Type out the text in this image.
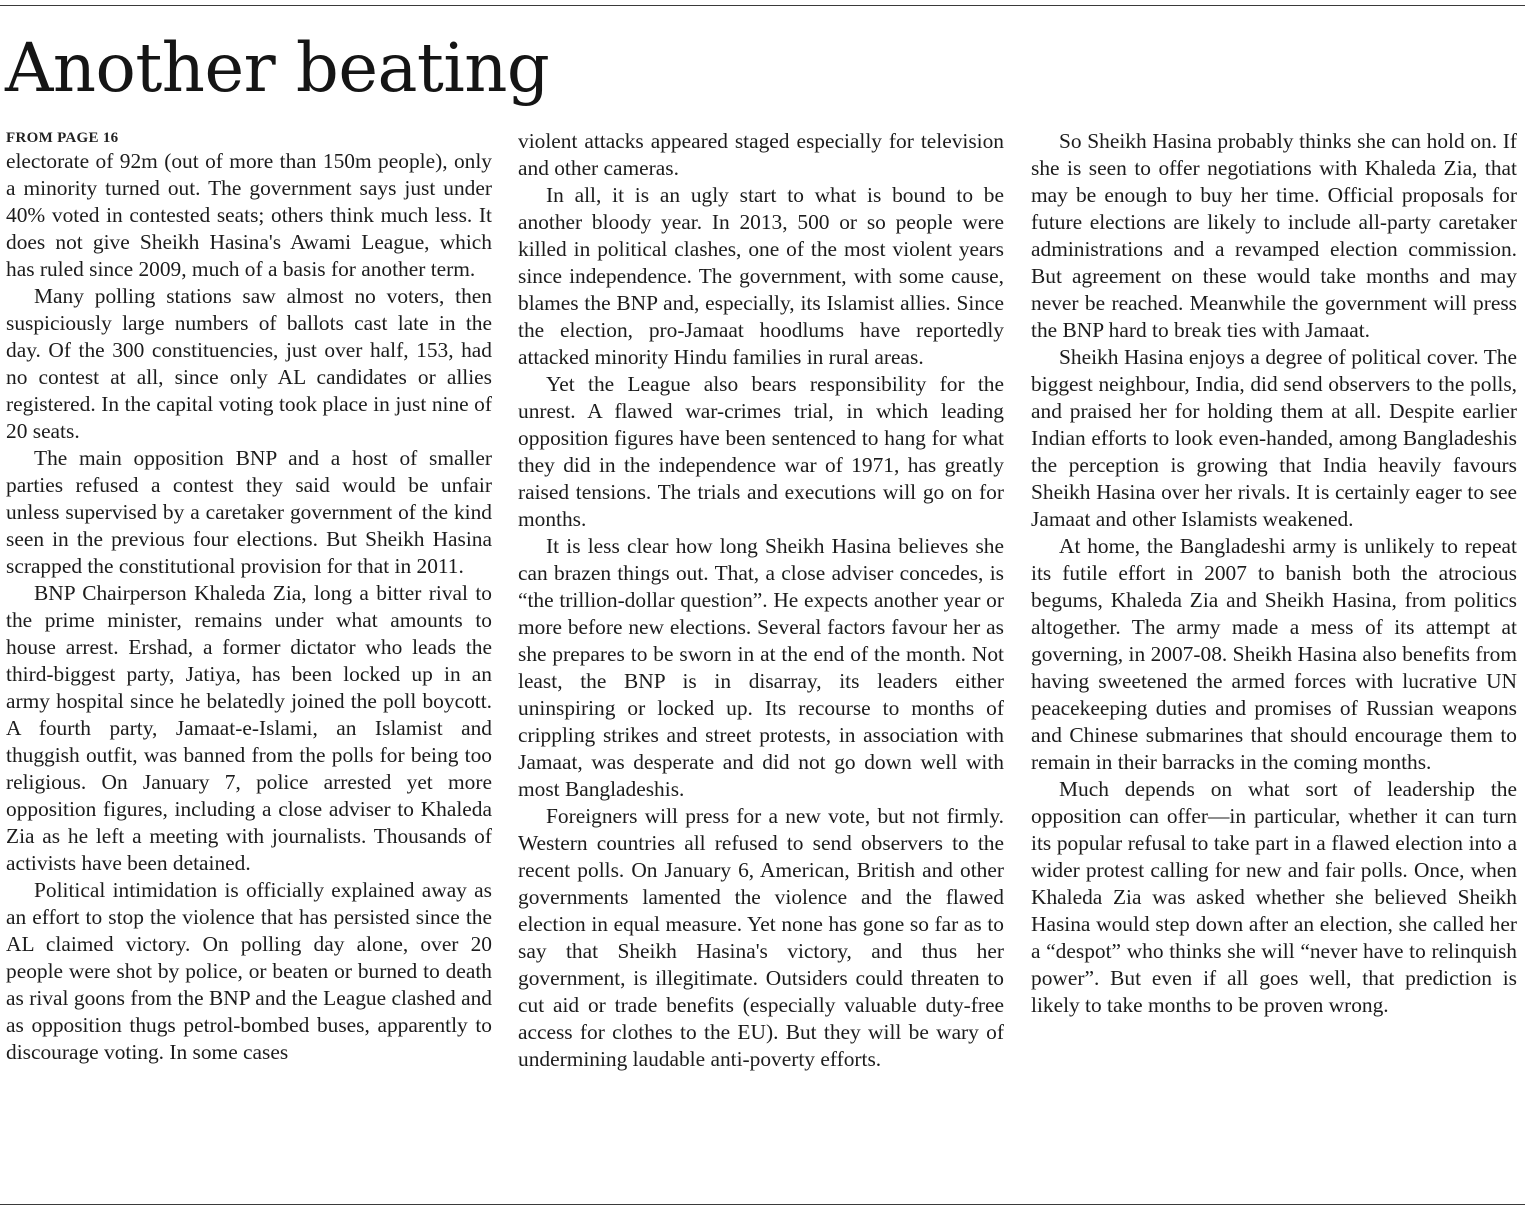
Another beating
FROM PAGE 16

electorate of 92m (out of more than 150m people), only a minority turned out. The government says just under 40% voted in contested seats; others think much less. It does not give Sheikh Hasina's Awami League, which has ruled since 2009, much of a basis for another term.

Many polling stations saw almost no voters, then suspiciously large numbers of ballots cast late in the day. Of the 300 constituencies, just over half, 153, had no contest at all, since only AL candidates or allies registered. In the capital voting took place in just nine of 20 seats.

The main opposition BNP and a host of smaller parties refused a contest they said would be unfair unless supervised by a caretaker government of the kind seen in the previous four elections. But Sheikh Hasina scrapped the constitutional provision for that in 2011.

BNP Chairperson Khaleda Zia, long a bitter rival to the prime minister, remains under what amounts to house arrest. Ershad, a former dictator who leads the third-biggest party, Jatiya, has been locked up in an army hospital since he belatedly joined the poll boycott. A fourth party, Jamaat-e-Islami, an Islamist and thuggish outfit, was banned from the polls for being too religious. On January 7, police arrested yet more opposition figures, including a close adviser to Khaleda Zia as he left a meeting with journalists. Thousands of activists have been detained.

Political intimidation is officially explained away as an effort to stop the violence that has persisted since the AL claimed victory. On polling day alone, over 20 people were shot by police, or beaten or burned to death as rival goons from the BNP and the League clashed and as opposition thugs petrol-bombed buses, apparently to discourage voting. In some cases

violent attacks appeared staged especially for television and other cameras.

In all, it is an ugly start to what is bound to be another bloody year. In 2013, 500 or so people were killed in political clashes, one of the most violent years since independence. The government, with some cause, blames the BNP and, especially, its Islamist allies. Since the election, pro-Jamaat hoodlums have reportedly attacked minority Hindu families in rural areas.

Yet the League also bears responsibility for the unrest. A flawed war-crimes trial, in which leading opposition figures have been sentenced to hang for what they did in the independence war of 1971, has greatly raised tensions. The trials and executions will go on for months.

It is less clear how long Sheikh Hasina believes she can brazen things out. That, a close adviser concedes, is “the trillion-dollar question”. He expects another year or more before new elections. Several factors favour her as she prepares to be sworn in at the end of the month. Not least, the BNP is in disarray, its leaders either uninspiring or locked up. Its recourse to months of crippling strikes and street protests, in association with Jamaat, was desperate and did not go down well with most Bangladeshis.

Foreigners will press for a new vote, but not firmly. Western countries all refused to send observers to the recent polls. On January 6, American, British and other governments lamented the violence and the flawed election in equal measure. Yet none has gone so far as to say that Sheikh Hasina's victory, and thus her government, is illegitimate. Outsiders could threaten to cut aid or trade benefits (especially valuable duty-free access for clothes to the EU). But they will be wary of undermining laudable anti-poverty efforts.

So Sheikh Hasina probably thinks she can hold on. If she is seen to offer negotiations with Khaleda Zia, that may be enough to buy her time. Official proposals for future elections are likely to include all-party caretaker administrations and a revamped election commission. But agreement on these would take months and may never be reached. Meanwhile the government will press the BNP hard to break ties with Jamaat.

Sheikh Hasina enjoys a degree of political cover. The biggest neighbour, India, did send observers to the polls, and praised her for holding them at all. Despite earlier Indian efforts to look even-handed, among Bangladeshis the perception is growing that India heavily favours Sheikh Hasina over her rivals. It is certainly eager to see Jamaat and other Islamists weakened.

At home, the Bangladeshi army is unlikely to repeat its futile effort in 2007 to banish both the atrocious begums, Khaleda Zia and Sheikh Hasina, from politics altogether. The army made a mess of its attempt at governing, in 2007-08. Sheikh Hasina also benefits from having sweetened the armed forces with lucrative UN peacekeeping duties and promises of Russian weapons and Chinese submarines that should encourage them to remain in their barracks in the coming months.

Much depends on what sort of leadership the opposition can offer—in particular, whether it can turn its popular refusal to take part in a flawed election into a wider protest calling for new and fair polls. Once, when Khaleda Zia was asked whether she believed Sheikh Hasina would step down after an election, she called her a “despot” who thinks she will “never have to relinquish power”. But even if all goes well, that prediction is likely to take months to be proven wrong.
